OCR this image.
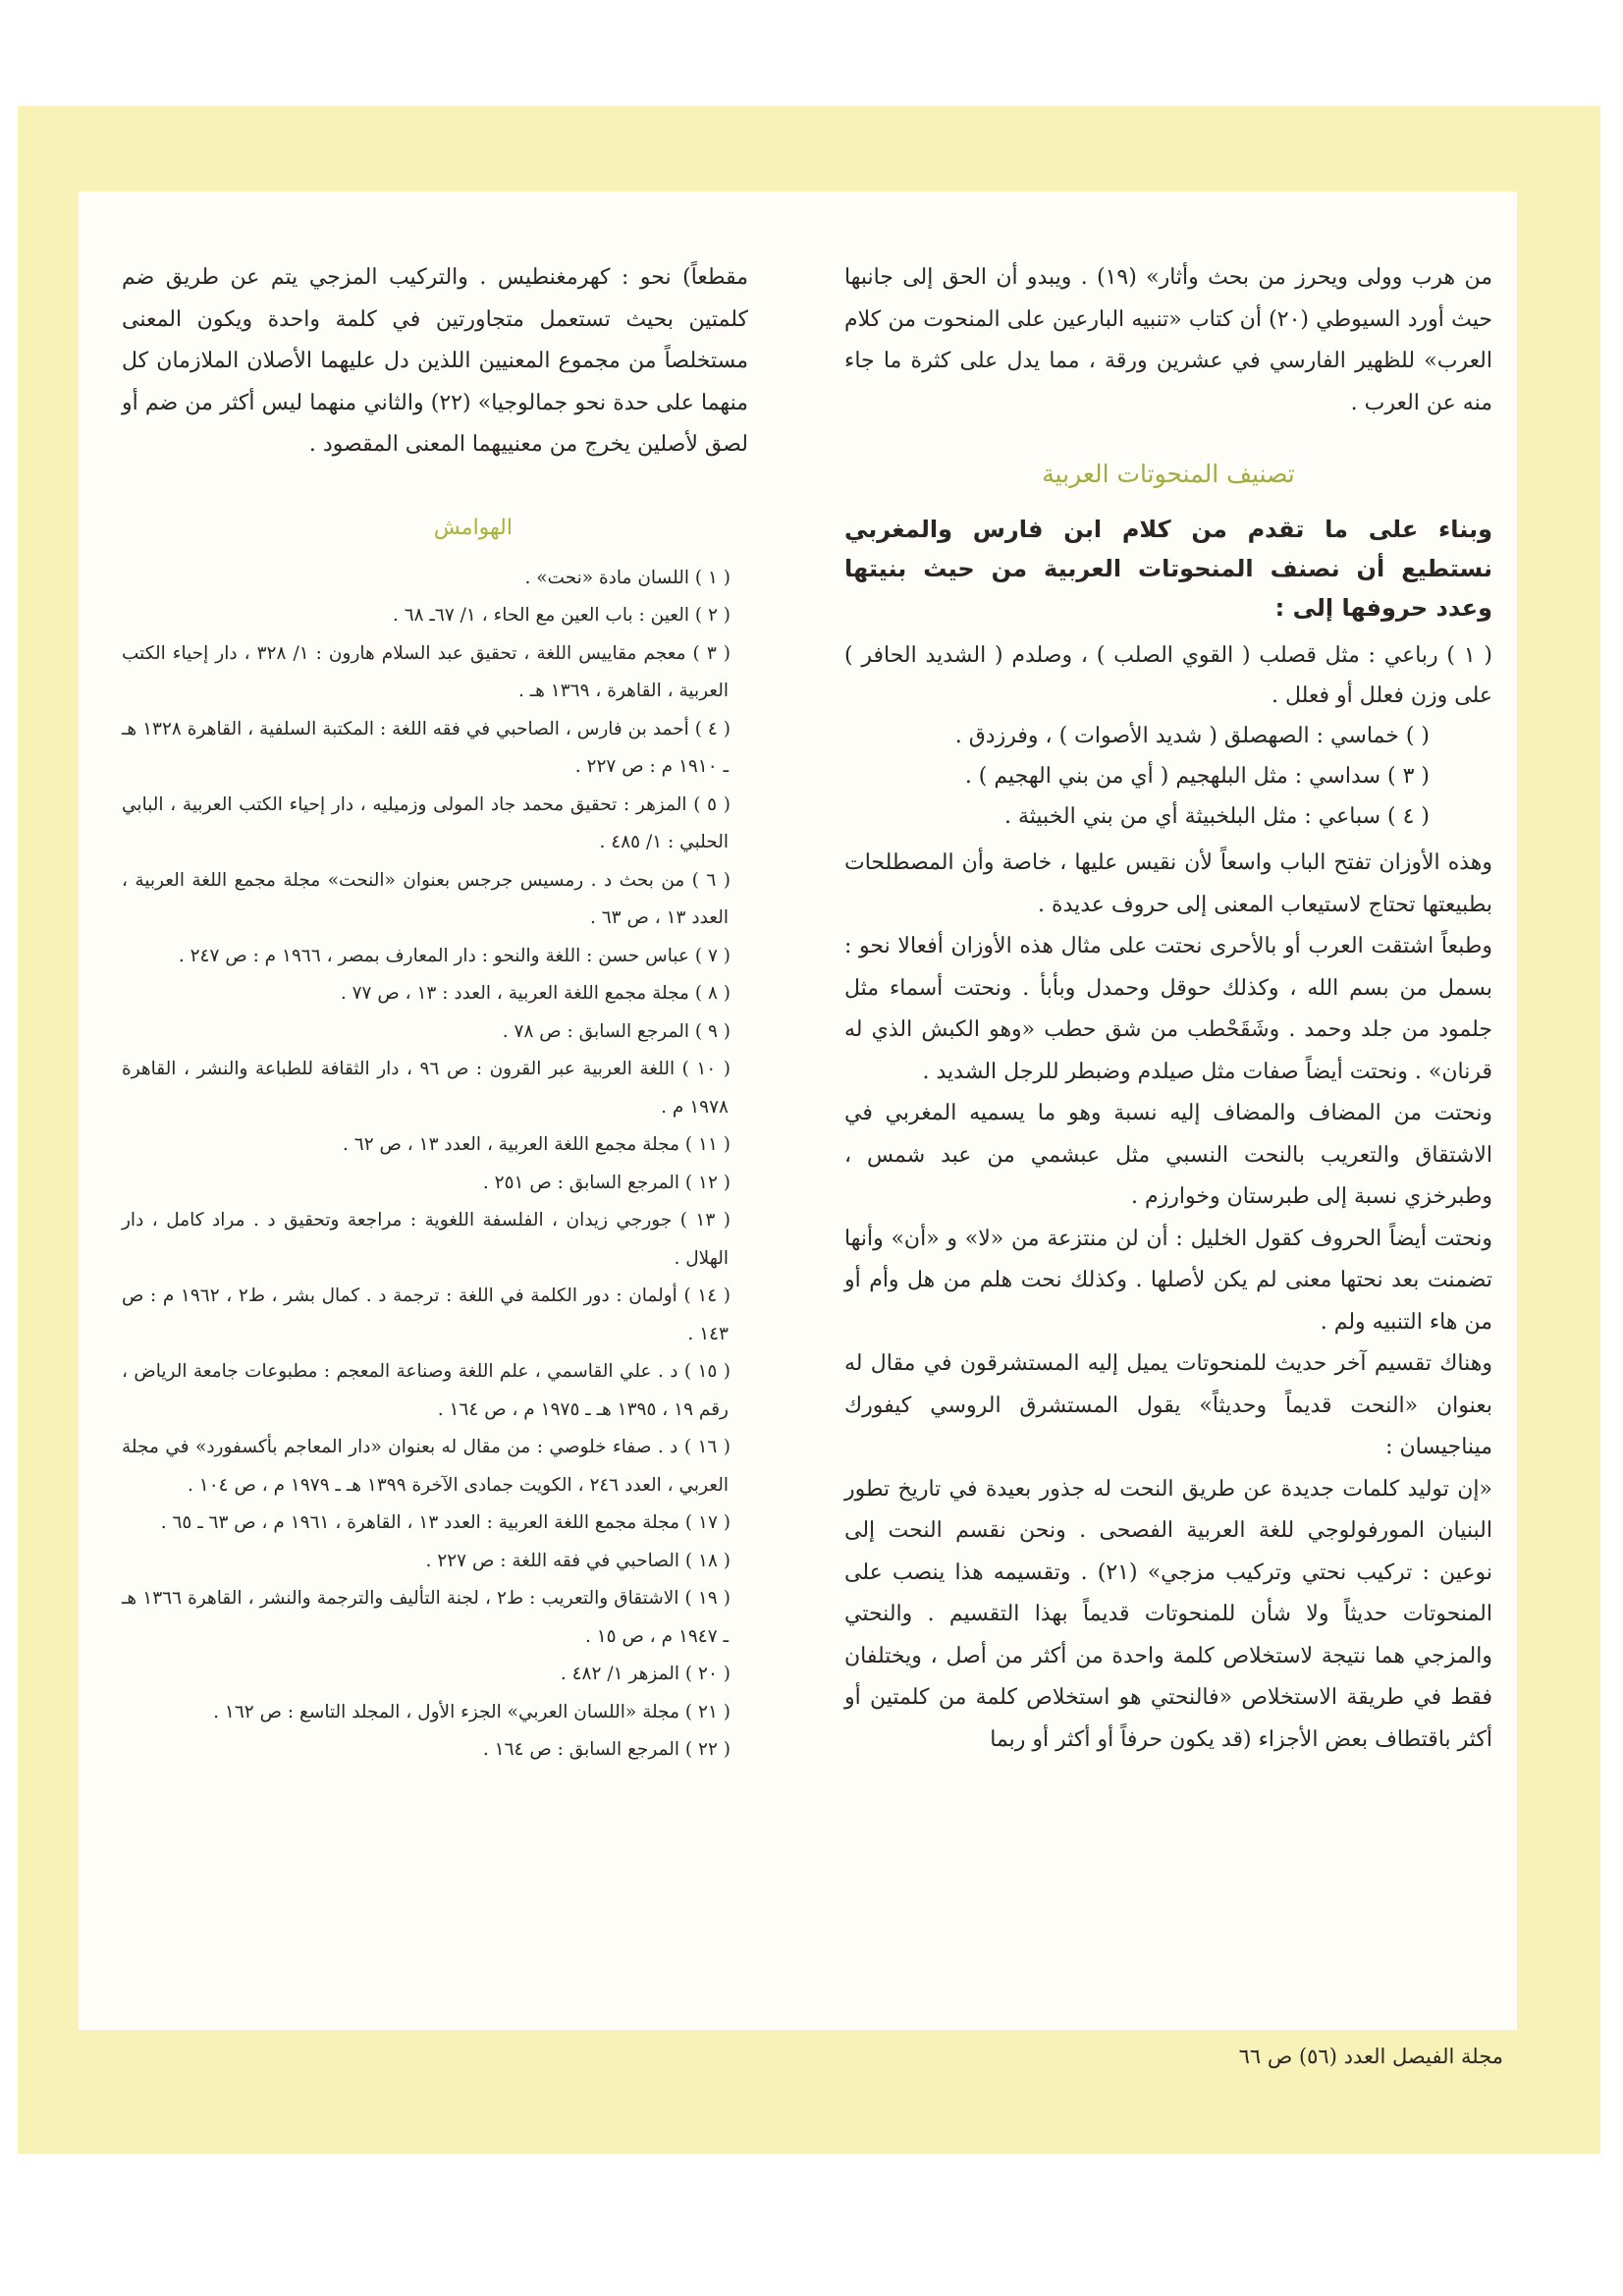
من هرب وولى ويحرز من بحث وأثار» (١٩) . ويبدو أن الحق إلى جانبها حيث أورد السيوطي (٢٠) أن كتاب «تنبيه البارعين على المنحوت من كلام العرب» للظهير الفارسي في عشرين ورقة ، مما يدل على كثرة ما جاء منه عن العرب .

تصنيف المنحوتات العربية

وبناء على ما تقدم من كلام ابن فارس والمغربي نستطيع أن نصنف المنحوتات العربية من حيث بنيتها وعدد حروفها إلى :

( ١ ) رباعي : مثل قصلب ( القوي الصلب ) ، وصلدم ( الشديد الحافر ) على وزن فعلل أو فعلل .

( ) خماسي : الصهصلق ( شديد الأصوات ) ، وفرزدق .

( ٣ ) سداسي : مثل البلهجيم ( أي من بني الهجيم ) .

( ٤ ) سباعي : مثل البلخبيثة أي من بني الخبيثة .

وهذه الأوزان تفتح الباب واسعاً لأن نقيس عليها ، خاصة وأن المصطلحات بطبيعتها تحتاج لاستيعاب المعنى إلى حروف عديدة .

وطبعاً اشتقت العرب أو بالأحرى نحتت على مثال هذه الأوزان أفعالا نحو : بسمل من بسم الله ، وكذلك حوقل وحمدل وبأبأ . ونحتت أسماء مثل جلمود من جلد وحمد . وشَقَحْطب من شق حطب «وهو الكبش الذي له قرنان» . ونحتت أيضاً صفات مثل صيلدم وضبطر للرجل الشديد .

ونحتت من المضاف والمضاف إليه نسبة وهو ما يسميه المغربي في الاشتقاق والتعريب بالنحت النسبي مثل عبشمي من عبد شمس ، وطبرخزي نسبة إلى طبرستان وخوارزم .

ونحتت أيضاً الحروف كقول الخليل : أن لن منتزعة من «لا» و «أن» وأنها تضمنت بعد نحتها معنى لم يكن لأصلها . وكذلك نحت هلم من هل وأم أو من هاء التنبيه ولم .

وهناك تقسيم آخر حديث للمنحوتات يميل إليه المستشرقون في مقال له بعنوان «النحت قديماً وحديثاً» يقول المستشرق الروسي كيفورك ميناجيسان :

«إن توليد كلمات جديدة عن طريق النحت له جذور بعيدة في تاريخ تطور البنيان المورفولوجي للغة العربية الفصحى . ونحن نقسم النحت إلى نوعين : تركيب نحتي وتركيب مزجي» (٢١) . وتقسيمه هذا ينصب على المنحوتات حديثاً ولا شأن للمنحوتات قديماً بهذا التقسيم . والنحتي والمزجي هما نتيجة لاستخلاص كلمة واحدة من أكثر من أصل ، ويختلفان فقط في طريقة الاستخلاص «فالنحتي هو استخلاص كلمة من كلمتين أو أكثر باقتطاف بعض الأجزاء (قد يكون حرفاً أو أكثر أو ربما

مقطعاً) نحو : كهرمغنطيس . والتركيب المزجي يتم عن طريق ضم كلمتين بحيث تستعمل متجاورتين في كلمة واحدة ويكون المعنى مستخلصاً من مجموع المعنيين اللذين دل عليهما الأصلان الملازمان كل منهما على حدة نحو جمالوجيا» (٢٢) والثاني منهما ليس أكثر من ضم أو لصق لأصلين يخرج من معنييهما المعنى المقصود .

الهوامش

( ١ ) اللسان مادة «نحت» .

( ٢ ) العين : باب العين مع الحاء ، ١/ ٦٧ـ ٦٨ .

( ٣ ) معجم مقاييس اللغة ، تحقيق عبد السلام هارون : ١/ ٣٢٨ ، دار إحياء الكتب العربية ، القاهرة ، ١٣٦٩ هـ .

( ٤ ) أحمد بن فارس ، الصاحبي في فقه اللغة : المكتبة السلفية ، القاهرة ١٣٢٨ هـ ـ ١٩١٠ م : ص ٢٢٧ .

( ٥ ) المزهر : تحقيق محمد جاد المولى وزميليه ، دار إحياء الكتب العربية ، البابي الحلبي : ١/ ٤٨٥ .

( ٦ ) من بحث د . رمسيس جرجس بعنوان «النحت» مجلة مجمع اللغة العربية ، العدد ١٣ ، ص ٦٣ .

( ٧ ) عباس حسن : اللغة والنحو : دار المعارف بمصر ، ١٩٦٦ م : ص ٢٤٧ .

( ٨ ) مجلة مجمع اللغة العربية ، العدد : ١٣ ، ص ٧٧ .

( ٩ ) المرجع السابق : ص ٧٨ .

( ١٠ ) اللغة العربية عبر القرون : ص ٩٦ ، دار الثقافة للطباعة والنشر ، القاهرة ١٩٧٨ م .

( ١١ ) مجلة مجمع اللغة العربية ، العدد ١٣ ، ص ٦٢ .

( ١٢ ) المرجع السابق : ص ٢٥١ .

( ١٣ ) جورجي زيدان ، الفلسفة اللغوية : مراجعة وتحقيق د . مراد كامل ، دار الهلال .

( ١٤ ) أولمان : دور الكلمة في اللغة : ترجمة د . كمال بشر ، ط٢ ، ١٩٦٢ م : ص ١٤٣ .

( ١٥ ) د . علي القاسمي ، علم اللغة وصناعة المعجم : مطبوعات جامعة الرياض ، رقم ١٩ ، ١٣٩٥ هـ ـ ١٩٧٥ م ، ص ١٦٤ .

( ١٦ ) د . صفاء خلوصي : من مقال له بعنوان «دار المعاجم بأكسفورد» في مجلة العربي ، العدد ٢٤٦ ، الكويت جمادى الآخرة ١٣٩٩ هـ ـ ١٩٧٩ م ، ص ١٠٤ .

( ١٧ ) مجلة مجمع اللغة العربية : العدد ١٣ ، القاهرة ، ١٩٦١ م ، ص ٦٣ ـ ٦٥ .

( ١٨ ) الصاحبي في فقه اللغة : ص ٢٢٧ .

( ١٩ ) الاشتقاق والتعريب : ط٢ ، لجنة التأليف والترجمة والنشر ، القاهرة ١٣٦٦ هـ ـ ١٩٤٧ م ، ص ١٥ .

( ٢٠ ) المزهر ١/ ٤٨٢ .

( ٢١ ) مجلة «اللسان العربي» الجزء الأول ، المجلد التاسع : ص ١٦٢ .

( ٢٢ ) المرجع السابق : ص ١٦٤ .

مجلة الفيصل العدد (٥٦) ص ٦٦
